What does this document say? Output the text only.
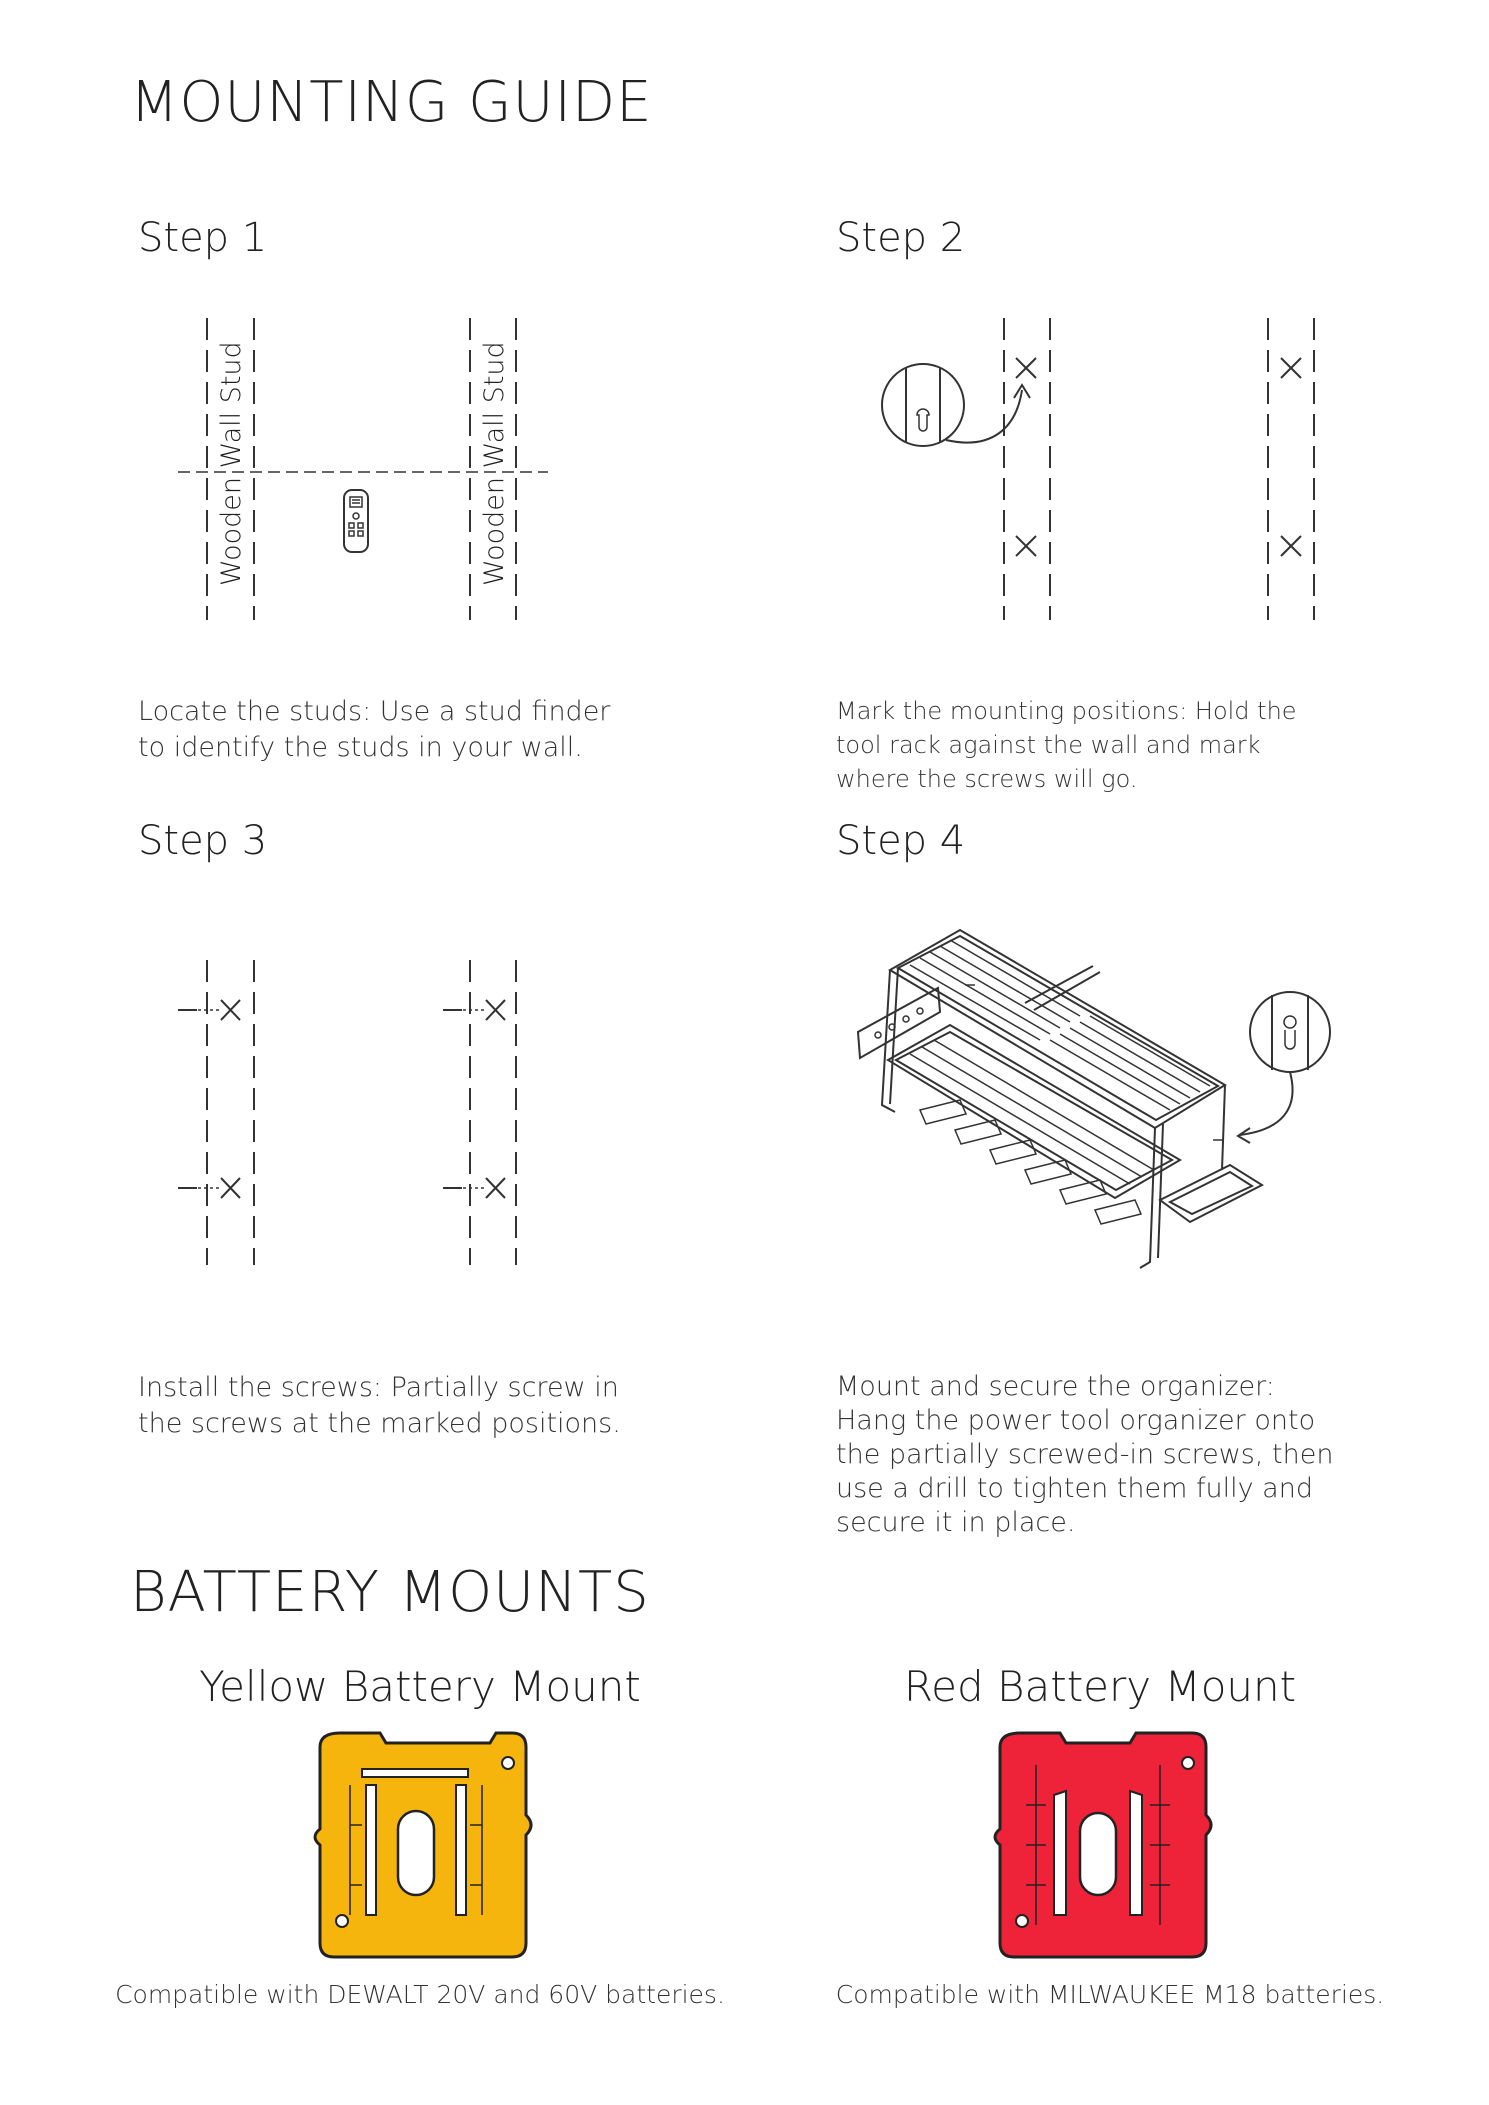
MOUNTING GUIDE
Step 1	Step 2
Step 3	Step 4
Wooden Wall Stud	Wooden Wall Stud

Locate the studs: Use a stud finder to identify the studs in your wall.

Mark the mounting positions: Hold the tool rack against the wall and mark where the screws will go.

Install the screws: Partially screw in the screws at the marked positions.

Mount and secure the organizer: Hang the power tool organizer onto the partially screwed-in screws, then use a drill to tighten them fully and secure it in place.

BATTERY MOUNTS
Yellow Battery Mount	Red Battery Mount

Compatible with DEWALT 20V and 60V batteries.	Compatible with MILWAUKEE M18 batteries.
